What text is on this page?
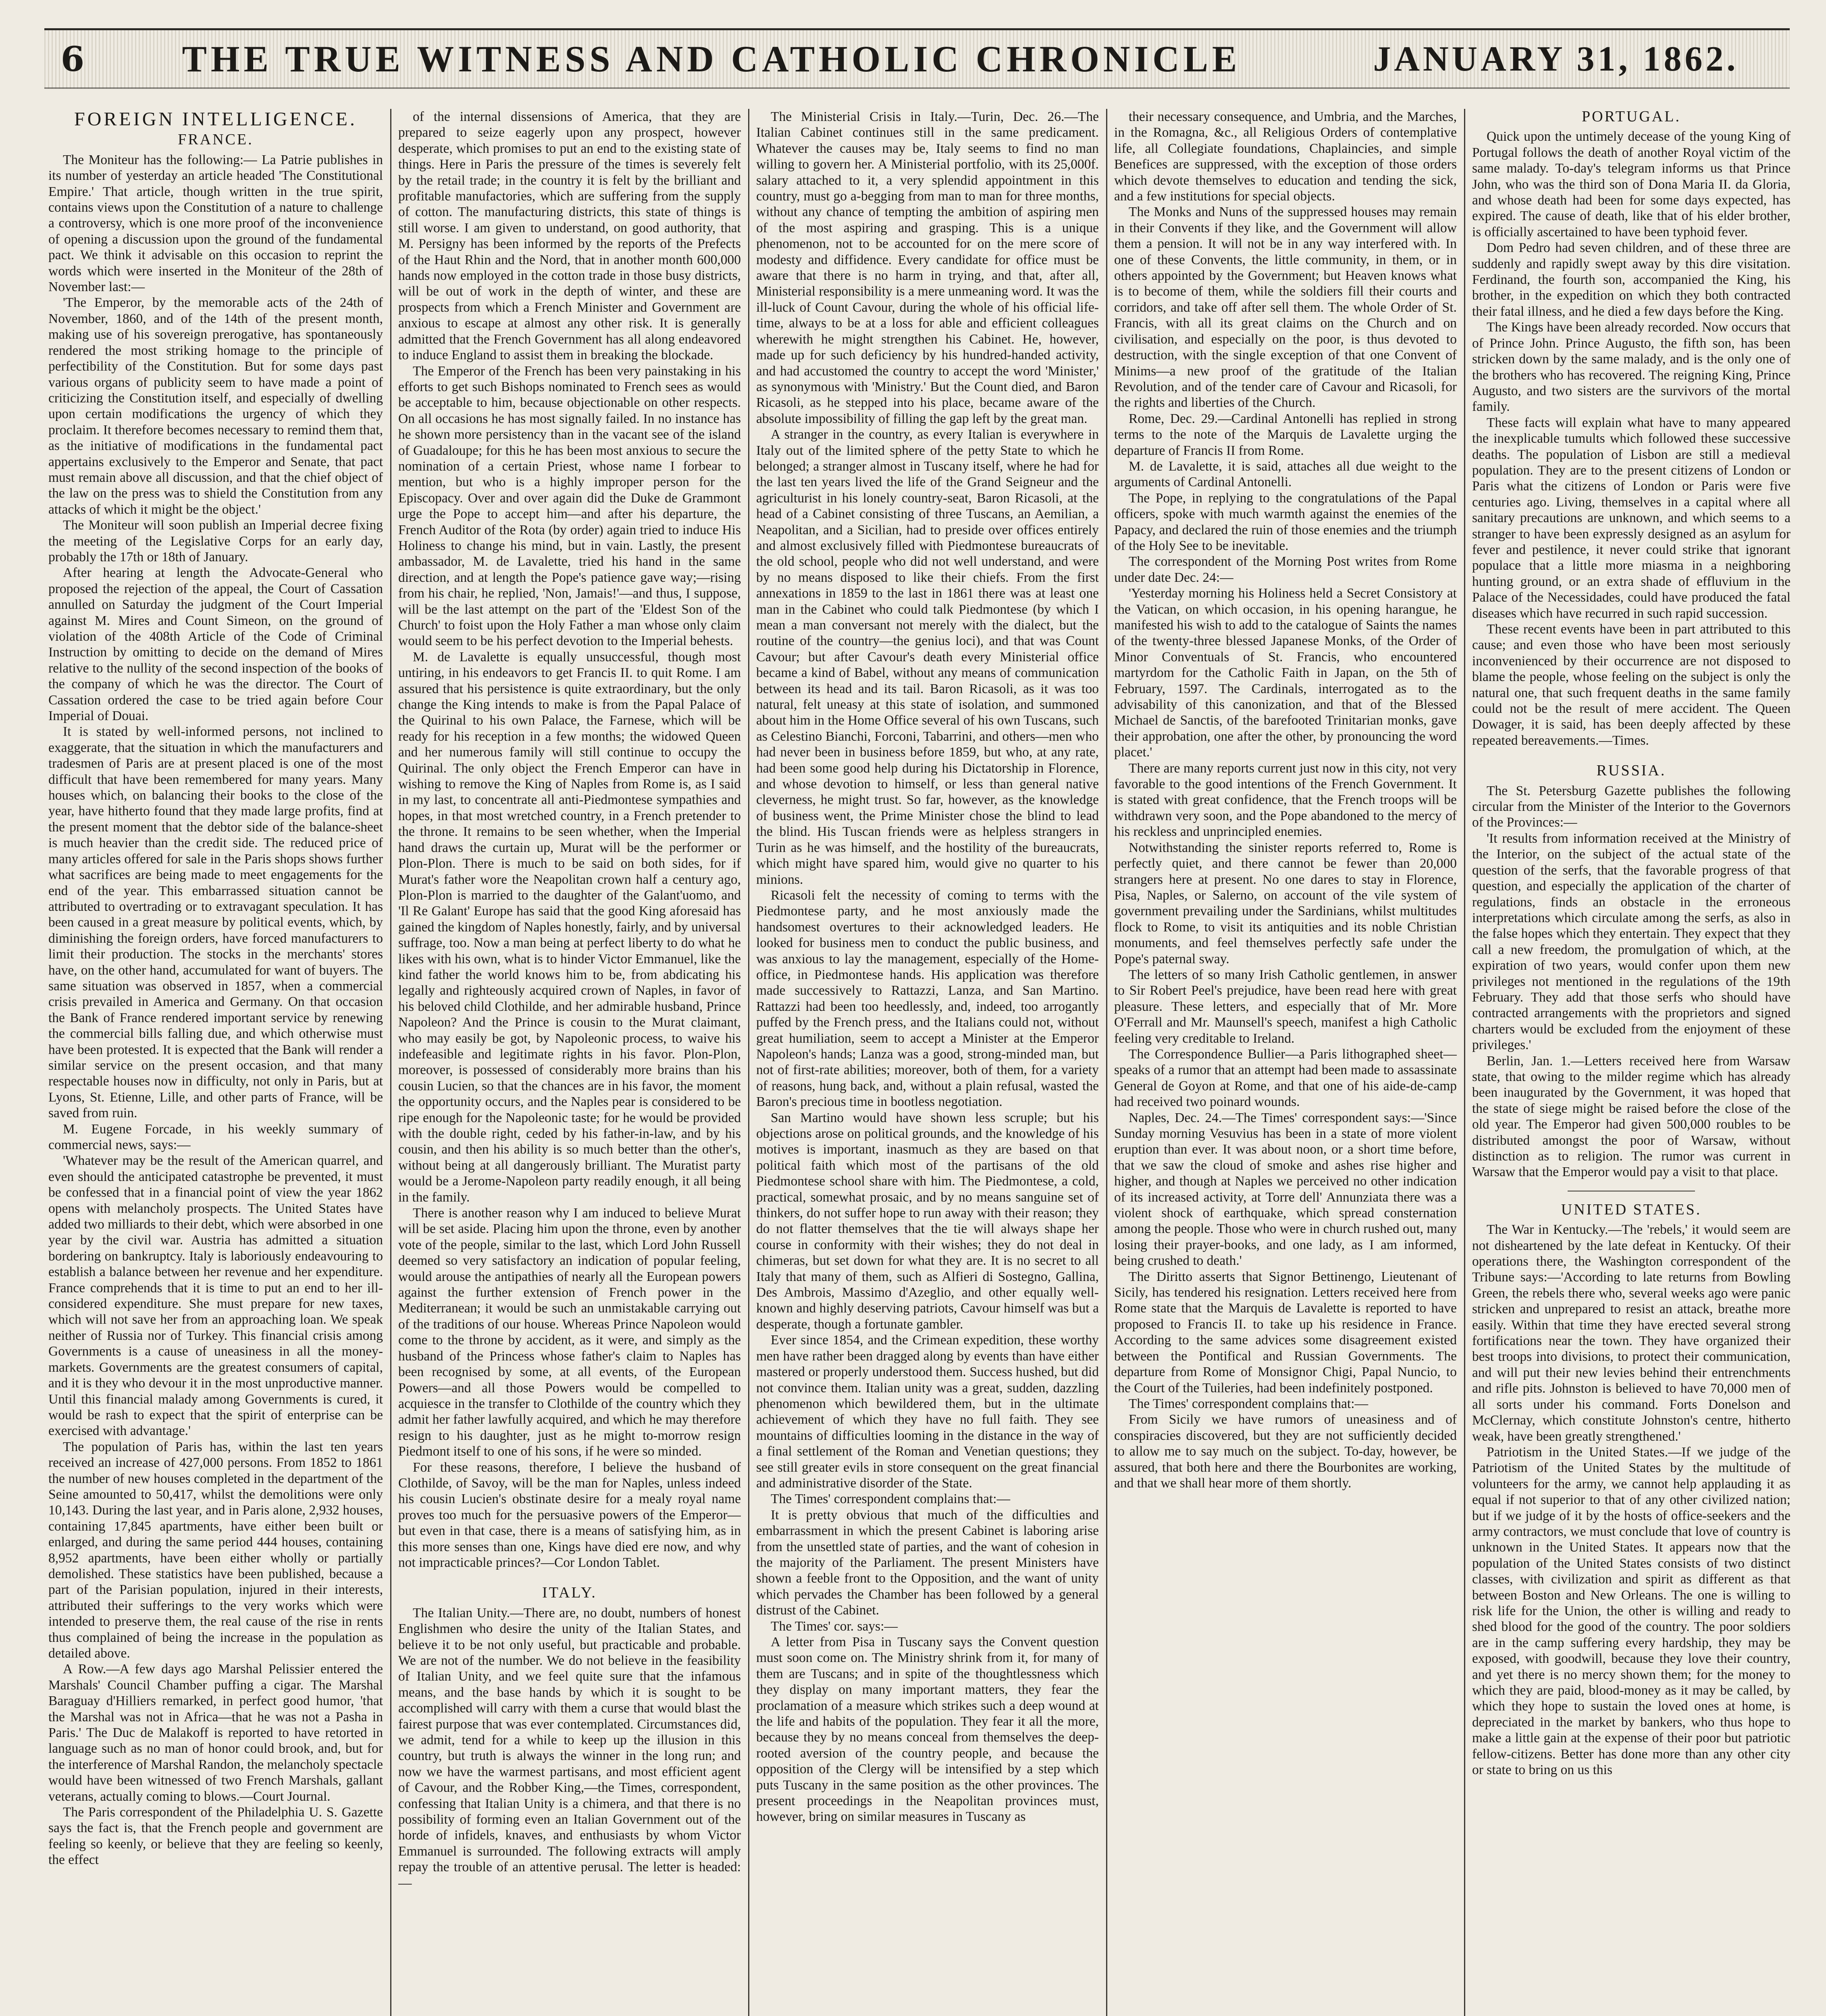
6	THE TRUE WITNESS AND CATHOLIC CHRONICLE	JANUARY 31, 1862.
FOREIGN INTELLIGENCE.
FRANCE.

The Moniteur has the following:— La Patrie publishes in its number of yesterday an article headed 'The Constitutional Empire.' That article, though written in the true spirit, contains views upon the Constitution of a nature to challenge a controversy, which is one more proof of the inconvenience of opening a discussion upon the ground of the fundamental pact. We think it advisable on this occasion to reprint the words which were inserted in the Moniteur of the 28th of November last:—

'The Emperor, by the memorable acts of the 24th of November, 1860, and of the 14th of the present month, making use of his sovereign prerogative, has spontaneously rendered the most striking homage to the principle of perfectibility of the Constitution. But for some days past various organs of publicity seem to have made a point of criticizing the Constitution itself, and especially of dwelling upon certain modifications the urgency of which they proclaim. It therefore becomes necessary to remind them that, as the initiative of modifications in the fundamental pact appertains exclusively to the Emperor and Senate, that pact must remain above all discussion, and that the chief object of the law on the press was to shield the Constitution from any attacks of which it might be the object.'

The Moniteur will soon publish an Imperial decree fixing the meeting of the Legislative Corps for an early day, probably the 17th or 18th of January.

After hearing at length the Advocate-General who proposed the rejection of the appeal, the Court of Cassation annulled on Saturday the judgment of the Court Imperial against M. Mires and Count Simeon, on the ground of violation of the 408th Article of the Code of Criminal Instruction by omitting to decide on the demand of Mires relative to the nullity of the second inspection of the books of the company of which he was the director. The Court of Cassation ordered the case to be tried again before Cour Imperial of Douai.

It is stated by well-informed persons, not inclined to exaggerate, that the situation in which the manufacturers and tradesmen of Paris are at present placed is one of the most difficult that have been remembered for many years. Many houses which, on balancing their books to the close of the year, have hitherto found that they made large profits, find at the present moment that the debtor side of the balance-sheet is much heavier than the credit side. The reduced price of many articles offered for sale in the Paris shops shows further what sacrifices are being made to meet engagements for the end of the year. This embarrassed situation cannot be attributed to overtrading or to extravagant speculation. It has been caused in a great measure by political events, which, by diminishing the foreign orders, have forced manufacturers to limit their production. The stocks in the merchants' stores have, on the other hand, accumulated for want of buyers. The same situation was observed in 1857, when a commercial crisis prevailed in America and Germany. On that occasion the Bank of France rendered important service by renewing the commercial bills falling due, and which otherwise must have been protested. It is expected that the Bank will render a similar service on the present occasion, and that many respectable houses now in difficulty, not only in Paris, but at Lyons, St. Etienne, Lille, and other parts of France, will be saved from ruin.

M. Eugene Forcade, in his weekly summary of commercial news, says:—

'Whatever may be the result of the American quarrel, and even should the anticipated catastrophe be prevented, it must be confessed that in a financial point of view the year 1862 opens with melancholy prospects. The United States have added two milliards to their debt, which were absorbed in one year by the civil war. Austria has admitted a situation bordering on bankruptcy. Italy is laboriously endeavouring to establish a balance between her revenue and her expenditure. France comprehends that it is time to put an end to her ill-considered expenditure. She must prepare for new taxes, which will not save her from an approaching loan. We speak neither of Russia nor of Turkey. This financial crisis among Governments is a cause of uneasiness in all the money-markets. Governments are the greatest consumers of capital, and it is they who devour it in the most unproductive manner. Until this financial malady among Governments is cured, it would be rash to expect that the spirit of enterprise can be exercised with advantage.'

The population of Paris has, within the last ten years received an increase of 427,000 persons. From 1852 to 1861 the number of new houses completed in the department of the Seine amounted to 50,417, whilst the demolitions were only 10,143. During the last year, and in Paris alone, 2,932 houses, containing 17,845 apartments, have either been built or enlarged, and during the same period 444 houses, containing 8,952 apartments, have been either wholly or partially demolished. These statistics have been published, because a part of the Parisian population, injured in their interests, attributed their sufferings to the very works which were intended to preserve them, the real cause of the rise in rents thus complained of being the increase in the population as detailed above.

A Row.—A few days ago Marshal Pelissier entered the Marshals' Council Chamber puffing a cigar. The Marshal Baraguay d'Hilliers remarked, in perfect good humor, 'that the Marshal was not in Africa—that he was not a Pasha in Paris.' The Duc de Malakoff is reported to have retorted in language such as no man of honor could brook, and, but for the interference of Marshal Randon, the melancholy spectacle would have been witnessed of two French Marshals, gallant veterans, actually coming to blows.—Court Journal.

The Paris correspondent of the Philadelphia U. S. Gazette says the fact is, that the French people and government are feeling so keenly, or believe that they are feeling so keenly, the effect

of the internal dissensions of America, that they are prepared to seize eagerly upon any prospect, however desperate, which promises to put an end to the existing state of things. Here in Paris the pressure of the times is severely felt by the retail trade; in the country it is felt by the brilliant and profitable manufactories, which are suffering from the supply of cotton. The manufacturing districts, this state of things is still worse. I am given to understand, on good authority, that M. Persigny has been informed by the reports of the Prefects of the Haut Rhin and the Nord, that in another month 600,000 hands now employed in the cotton trade in those busy districts, will be out of work in the depth of winter, and these are prospects from which a French Minister and Government are anxious to escape at almost any other risk. It is generally admitted that the French Government has all along endeavored to induce England to assist them in breaking the blockade.

The Emperor of the French has been very painstaking in his efforts to get such Bishops nominated to French sees as would be acceptable to him, because objectionable on other respects. On all occasions he has most signally failed. In no instance has he shown more persistency than in the vacant see of the island of Guadaloupe; for this he has been most anxious to secure the nomination of a certain Priest, whose name I forbear to mention, but who is a highly improper person for the Episcopacy. Over and over again did the Duke de Grammont urge the Pope to accept him—and after his departure, the French Auditor of the Rota (by order) again tried to induce His Holiness to change his mind, but in vain. Lastly, the present ambassador, M. de Lavalette, tried his hand in the same direction, and at length the Pope's patience gave way;—rising from his chair, he replied, 'Non, Jamais!'—and thus, I suppose, will be the last attempt on the part of the 'Eldest Son of the Church' to foist upon the Holy Father a man whose only claim would seem to be his perfect devotion to the Imperial behests.

M. de Lavalette is equally unsuccessful, though most untiring, in his endeavors to get Francis II. to quit Rome. I am assured that his persistence is quite extraordinary, but the only change the King intends to make is from the Papal Palace of the Quirinal to his own Palace, the Farnese, which will be ready for his reception in a few months; the widowed Queen and her numerous family will still continue to occupy the Quirinal. The only object the French Emperor can have in wishing to remove the King of Naples from Rome is, as I said in my last, to concentrate all anti-Piedmontese sympathies and hopes, in that most wretched country, in a French pretender to the throne. It remains to be seen whether, when the Imperial hand draws the curtain up, Murat will be the performer or Plon-Plon. There is much to be said on both sides, for if Murat's father wore the Neapolitan crown half a century ago, Plon-Plon is married to the daughter of the Galant'uomo, and 'Il Re Galant' Europe has said that the good King aforesaid has gained the kingdom of Naples honestly, fairly, and by universal suffrage, too. Now a man being at perfect liberty to do what he likes with his own, what is to hinder Victor Emmanuel, like the kind father the world knows him to be, from abdicating his legally and righteously acquired crown of Naples, in favor of his beloved child Clothilde, and her admirable husband, Prince Napoleon? And the Prince is cousin to the Murat claimant, who may easily be got, by Napoleonic process, to waive his indefeasible and legitimate rights in his favor. Plon-Plon, moreover, is possessed of considerably more brains than his cousin Lucien, so that the chances are in his favor, the moment the opportunity occurs, and the Naples pear is considered to be ripe enough for the Napoleonic taste; for he would be provided with the double right, ceded by his father-in-law, and by his cousin, and then his ability is so much better than the other's, without being at all dangerously brilliant. The Muratist party would be a Jerome-Napoleon party readily enough, it all being in the family.

There is another reason why I am induced to believe Murat will be set aside. Placing him upon the throne, even by another vote of the people, similar to the last, which Lord John Russell deemed so very satisfactory an indication of popular feeling, would arouse the antipathies of nearly all the European powers against the further extension of French power in the Mediterranean; it would be such an unmistakable carrying out of the traditions of our house. Whereas Prince Napoleon would come to the throne by accident, as it were, and simply as the husband of the Princess whose father's claim to Naples has been recognised by some, at all events, of the European Powers—and all those Powers would be compelled to acquiesce in the transfer to Clothilde of the country which they admit her father lawfully acquired, and which he may therefore resign to his daughter, just as he might to-morrow resign Piedmont itself to one of his sons, if he were so minded.

For these reasons, therefore, I believe the husband of Clothilde, of Savoy, will be the man for Naples, unless indeed his cousin Lucien's obstinate desire for a mealy royal name proves too much for the persuasive powers of the Emperor—but even in that case, there is a means of satisfying him, as in this more senses than one, Kings have died ere now, and why not impracticable princes?—Cor London Tablet.

ITALY.

The Italian Unity.—There are, no doubt, numbers of honest Englishmen who desire the unity of the Italian States, and believe it to be not only useful, but practicable and probable. We are not of the number. We do not believe in the feasibility of Italian Unity, and we feel quite sure that the infamous means, and the base hands by which it is sought to be accomplished will carry with them a curse that would blast the fairest purpose that was ever contemplated. Circumstances did, we admit, tend for a while to keep up the illusion in this country, but truth is always the winner in the long run; and now we have the warmest partisans, and most efficient agent of Cavour, and the Robber King,—the Times, correspondent, confessing that Italian Unity is a chimera, and that there is no possibility of forming even an Italian Government out of the horde of infidels, knaves, and enthusiasts by whom Victor Emmanuel is surrounded. The following extracts will amply repay the trouble of an attentive perusal. The letter is headed:—

The Ministerial Crisis in Italy.—Turin, Dec. 26.—The Italian Cabinet continues still in the same predicament. Whatever the causes may be, Italy seems to find no man willing to govern her. A Ministerial portfolio, with its 25,000f. salary attached to it, a very splendid appointment in this country, must go a-begging from man to man for three months, without any chance of tempting the ambition of aspiring men of the most aspiring and grasping. This is a unique phenomenon, not to be accounted for on the mere score of modesty and diffidence. Every candidate for office must be aware that there is no harm in trying, and that, after all, Ministerial responsibility is a mere unmeaning word. It was the ill-luck of Count Cavour, during the whole of his official life-time, always to be at a loss for able and efficient colleagues wherewith he might strengthen his Cabinet. He, however, made up for such deficiency by his hundred-handed activity, and had accustomed the country to accept the word 'Minister,' as synonymous with 'Ministry.' But the Count died, and Baron Ricasoli, as he stepped into his place, became aware of the absolute impossibility of filling the gap left by the great man.

A stranger in the country, as every Italian is everywhere in Italy out of the limited sphere of the petty State to which he belonged; a stranger almost in Tuscany itself, where he had for the last ten years lived the life of the Grand Seigneur and the agriculturist in his lonely country-seat, Baron Ricasoli, at the head of a Cabinet consisting of three Tuscans, an Aemilian, a Neapolitan, and a Sicilian, had to preside over offices entirely and almost exclusively filled with Piedmontese bureaucrats of the old school, people who did not well understand, and were by no means disposed to like their chiefs. From the first annexations in 1859 to the last in 1861 there was at least one man in the Cabinet who could talk Piedmontese (by which I mean a man conversant not merely with the dialect, but the routine of the country—the genius loci), and that was Count Cavour; but after Cavour's death every Ministerial office became a kind of Babel, without any means of communication between its head and its tail. Baron Ricasoli, as it was too natural, felt uneasy at this state of isolation, and summoned about him in the Home Office several of his own Tuscans, such as Celestino Bianchi, Forconi, Tabarrini, and others—men who had never been in business before 1859, but who, at any rate, had been some good help during his Dictatorship in Florence, and whose devotion to himself, or less than general native cleverness, he might trust. So far, however, as the knowledge of business went, the Prime Minister chose the blind to lead the blind. His Tuscan friends were as helpless strangers in Turin as he was himself, and the hostility of the bureaucrats, which might have spared him, would give no quarter to his minions.

Ricasoli felt the necessity of coming to terms with the Piedmontese party, and he most anxiously made the handsomest overtures to their acknowledged leaders. He looked for business men to conduct the public business, and was anxious to lay the management, especially of the Home-office, in Piedmontese hands. His application was therefore made successively to Rattazzi, Lanza, and San Martino. Rattazzi had been too heedlessly, and, indeed, too arrogantly puffed by the French press, and the Italians could not, without great humiliation, seem to accept a Minister at the Emperor Napoleon's hands; Lanza was a good, strong-minded man, but not of first-rate abilities; moreover, both of them, for a variety of reasons, hung back, and, without a plain refusal, wasted the Baron's precious time in bootless negotiation.

San Martino would have shown less scruple; but his objections arose on political grounds, and the knowledge of his motives is important, inasmuch as they are based on that political faith which most of the partisans of the old Piedmontese school share with him. The Piedmontese, a cold, practical, somewhat prosaic, and by no means sanguine set of thinkers, do not suffer hope to run away with their reason; they do not flatter themselves that the tie will always shape her course in conformity with their wishes; they do not deal in chimeras, but set down for what they are. It is no secret to all Italy that many of them, such as Alfieri di Sostegno, Gallina, Des Ambrois, Massimo d'Azeglio, and other equally well-known and highly deserving patriots, Cavour himself was but a desperate, though a fortunate gambler.

Ever since 1854, and the Crimean expedition, these worthy men have rather been dragged along by events than have either mastered or properly understood them. Success hushed, but did not convince them. Italian unity was a great, sudden, dazzling phenomenon which bewildered them, but in the ultimate achievement of which they have no full faith. They see mountains of difficulties looming in the distance in the way of a final settlement of the Roman and Venetian questions; they see still greater evils in store consequent on the great financial and administrative disorder of the State.

The Times' correspondent complains that:—

It is pretty obvious that much of the difficulties and embarrassment in which the present Cabinet is laboring arise from the unsettled state of parties, and the want of cohesion in the majority of the Parliament. The present Ministers have shown a feeble front to the Opposition, and the want of unity which pervades the Chamber has been followed by a general distrust of the Cabinet.

The Times' cor. says:—

A letter from Pisa in Tuscany says the Convent question must soon come on. The Ministry shrink from it, for many of them are Tuscans; and in spite of the thoughtlessness which they display on many important matters, they fear the proclamation of a measure which strikes such a deep wound at the life and habits of the population. They fear it all the more, because they by no means conceal from themselves the deep-rooted aversion of the country people, and because the opposition of the Clergy will be intensified by a step which puts Tuscany in the same position as the other provinces. The present proceedings in the Neapolitan provinces must, however, bring on similar measures in Tuscany as

their necessary consequence, and Umbria, and the Marches, in the Romagna, &c., all Religious Orders of contemplative life, all Collegiate foundations, Chaplaincies, and simple Benefices are suppressed, with the exception of those orders which devote themselves to education and tending the sick, and a few institutions for special objects.

The Monks and Nuns of the suppressed houses may remain in their Convents if they like, and the Government will allow them a pension. It will not be in any way interfered with. In one of these Convents, the little community, in them, or in others appointed by the Government; but Heaven knows what is to become of them, while the soldiers fill their courts and corridors, and take off after sell them. The whole Order of St. Francis, with all its great claims on the Church and on civilisation, and especially on the poor, is thus devoted to destruction, with the single exception of that one Convent of Minims—a new proof of the gratitude of the Italian Revolution, and of the tender care of Cavour and Ricasoli, for the rights and liberties of the Church.

Rome, Dec. 29.—Cardinal Antonelli has replied in strong terms to the note of the Marquis de Lavalette urging the departure of Francis II from Rome.

M. de Lavalette, it is said, attaches all due weight to the arguments of Cardinal Antonelli.

The Pope, in replying to the congratulations of the Papal officers, spoke with much warmth against the enemies of the Papacy, and declared the ruin of those enemies and the triumph of the Holy See to be inevitable.

The correspondent of the Morning Post writes from Rome under date Dec. 24:—

'Yesterday morning his Holiness held a Secret Consistory at the Vatican, on which occasion, in his opening harangue, he manifested his wish to add to the catalogue of Saints the names of the twenty-three blessed Japanese Monks, of the Order of Minor Conventuals of St. Francis, who encountered martyrdom for the Catholic Faith in Japan, on the 5th of February, 1597. The Cardinals, interrogated as to the advisability of this canonization, and that of the Blessed Michael de Sanctis, of the barefooted Trinitarian monks, gave their approbation, one after the other, by pronouncing the word placet.'

There are many reports current just now in this city, not very favorable to the good intentions of the French Government. It is stated with great confidence, that the French troops will be withdrawn very soon, and the Pope abandoned to the mercy of his reckless and unprincipled enemies.

Notwithstanding the sinister reports referred to, Rome is perfectly quiet, and there cannot be fewer than 20,000 strangers here at present. No one dares to stay in Florence, Pisa, Naples, or Salerno, on account of the vile system of government prevailing under the Sardinians, whilst multitudes flock to Rome, to visit its antiquities and its noble Christian monuments, and feel themselves perfectly safe under the Pope's paternal sway.

The letters of so many Irish Catholic gentlemen, in answer to Sir Robert Peel's prejudice, have been read here with great pleasure. These letters, and especially that of Mr. More O'Ferrall and Mr. Maunsell's speech, manifest a high Catholic feeling very creditable to Ireland.

The Correspondence Bullier—a Paris lithographed sheet—speaks of a rumor that an attempt had been made to assassinate General de Goyon at Rome, and that one of his aide-de-camp had received two poinard wounds.

Naples, Dec. 24.—The Times' correspondent says:—'Since Sunday morning Vesuvius has been in a state of more violent eruption than ever. It was about noon, or a short time before, that we saw the cloud of smoke and ashes rise higher and higher, and though at Naples we perceived no other indication of its increased activity, at Torre dell' Annunziata there was a violent shock of earthquake, which spread consternation among the people. Those who were in church rushed out, many losing their prayer-books, and one lady, as I am informed, being crushed to death.'

The Diritto asserts that Signor Bettinengo, Lieutenant of Sicily, has tendered his resignation. Letters received here from Rome state that the Marquis de Lavalette is reported to have proposed to Francis II. to take up his residence in France. According to the same advices some disagreement existed between the Pontifical and Russian Governments. The departure from Rome of Monsignor Chigi, Papal Nuncio, to the Court of the Tuileries, had been indefinitely postponed.

The Times' correspondent complains that:—

From Sicily we have rumors of uneasiness and of conspiracies discovered, but they are not sufficiently decided to allow me to say much on the subject. To-day, however, be assured, that both here and there the Bourbonites are working, and that we shall hear more of them shortly.

PORTUGAL.

Quick upon the untimely decease of the young King of Portugal follows the death of another Royal victim of the same malady. To-day's telegram informs us that Prince John, who was the third son of Dona Maria II. da Gloria, and whose death had been for some days expected, has expired. The cause of death, like that of his elder brother, is officially ascertained to have been typhoid fever.

Dom Pedro had seven children, and of these three are suddenly and rapidly swept away by this dire visitation. Ferdinand, the fourth son, accompanied the King, his brother, in the expedition on which they both contracted their fatal illness, and he died a few days before the King.

The Kings have been already recorded. Now occurs that of Prince John. Prince Augusto, the fifth son, has been stricken down by the same malady, and is the only one of the brothers who has recovered. The reigning King, Prince Augusto, and two sisters are the survivors of the mortal family.

These facts will explain what have to many appeared the inexplicable tumults which followed these successive deaths. The population of Lisbon are still a medieval population. They are to the present citizens of London or Paris what the citizens of London or Paris were five centuries ago. Living, themselves in a capital where all sanitary precautions are unknown, and which seems to a stranger to have been expressly designed as an asylum for fever and pestilence, it never could strike that ignorant populace that a little more miasma in a neighboring hunting ground, or an extra shade of effluvium in the Palace of the Necessidades, could have produced the fatal diseases which have recurred in such rapid succession.

These recent events have been in part attributed to this cause; and even those who have been most seriously inconvenienced by their occurrence are not disposed to blame the people, whose feeling on the subject is only the natural one, that such frequent deaths in the same family could not be the result of mere accident. The Queen Dowager, it is said, has been deeply affected by these repeated bereavements.—Times.

RUSSIA.

The St. Petersburg Gazette publishes the following circular from the Minister of the Interior to the Governors of the Provinces:—

'It results from information received at the Ministry of the Interior, on the subject of the actual state of the question of the serfs, that the favorable progress of that question, and especially the application of the charter of regulations, finds an obstacle in the erroneous interpretations which circulate among the serfs, as also in the false hopes which they entertain. They expect that they call a new freedom, the promulgation of which, at the expiration of two years, would confer upon them new privileges not mentioned in the regulations of the 19th February. They add that those serfs who should have contracted arrangements with the proprietors and signed charters would be excluded from the enjoyment of these privileges.'

Berlin, Jan. 1.—Letters received here from Warsaw state, that owing to the milder regime which has already been inaugurated by the Government, it was hoped that the state of siege might be raised before the close of the old year. The Emperor had given 500,000 roubles to be distributed amongst the poor of Warsaw, without distinction as to religion. The rumor was current in Warsaw that the Emperor would pay a visit to that place.

UNITED STATES.

The War in Kentucky.—The 'rebels,' it would seem are not disheartened by the late defeat in Kentucky. Of their operations there, the Washington correspondent of the Tribune says:—'According to late returns from Bowling Green, the rebels there who, several weeks ago were panic stricken and unprepared to resist an attack, breathe more easily. Within that time they have erected several strong fortifications near the town. They have organized their best troops into divisions, to protect their communication, and will put their new levies behind their entrenchments and rifle pits. Johnston is believed to have 70,000 men of all sorts under his command. Forts Donelson and McClernay, which constitute Johnston's centre, hitherto weak, have been greatly strengthened.'

Patriotism in the United States.—If we judge of the Patriotism of the United States by the multitude of volunteers for the army, we cannot help applauding it as equal if not superior to that of any other civilized nation; but if we judge of it by the hosts of office-seekers and the army contractors, we must conclude that love of country is unknown in the United States. It appears now that the population of the United States consists of two distinct classes, with civilization and spirit as different as that between Boston and New Orleans. The one is willing to risk life for the Union, the other is willing and ready to shed blood for the good of the country. The poor soldiers are in the camp suffering every hardship, they may be exposed, with goodwill, because they love their country, and yet there is no mercy shown them; for the money to which they are paid, blood-money as it may be called, by which they hope to sustain the loved ones at home, is depreciated in the market by bankers, who thus hope to make a little gain at the expense of their poor but patriotic fellow-citizens. Better has done more than any other city or state to bring on us this
